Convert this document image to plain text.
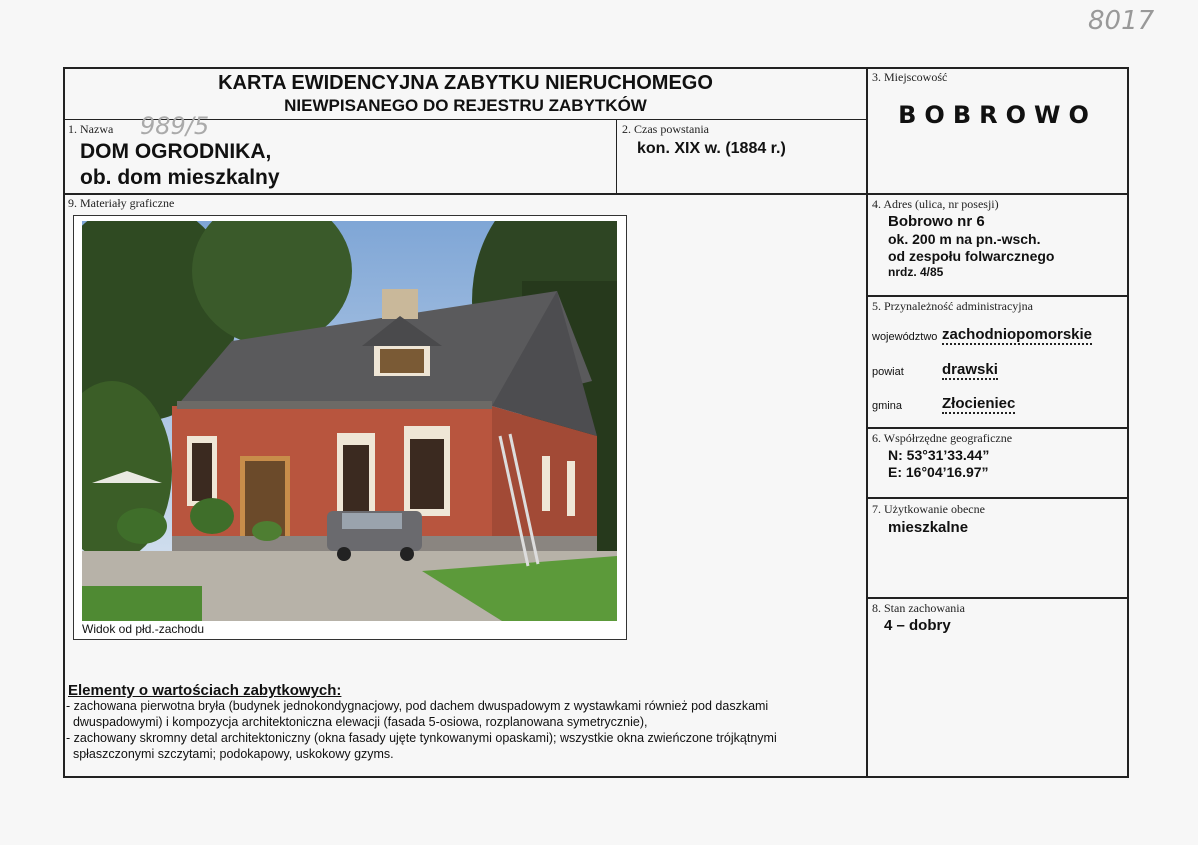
8017
KARTA EWIDENCYJNA ZABYTKU NIERUCHOMEGO
NIEWPISANEGO DO REJESTRU ZABYTKÓW
1. Nazwa 989/5
DOM OGRODNIKA,
ob. dom mieszkalny
2. Czas powstania
kon. XIX w. (1884 r.)
3. Miejscowość
BOBROWO
4. Adres (ulica, nr posesji)
Bobrowo nr 6
ok. 200 m na pn.-wsch.
od zespołu folwarcznego
nrdz. 4/85
5. Przynależność administracyjna
województwo zachodniopomorskie
powiat	drawski
gmina	Złocieniec
6. Współrzędne geograficzne
N: 53°31’33.44”
E: 16°04’16.97”
7. Użytkowanie obecne
mieszkalne
8. Stan zachowania
4 – dobry
9. Materiały graficzne
Widok od płd.-zachodu
Elementy o wartościach zabytkowych:
- zachowana pierwotna bryła (budynek jednokondygnacjowy, pod dachem dwuspadowym z wystawkami również pod daszkami
dwuspadowymi) i kompozycja architektoniczna elewacji (fasada 5-osiowa, rozplanowana symetrycznie),
- zachowany skromny detal architektoniczny (okna fasady ujęte tynkowanymi opaskami); wszystkie okna zwieńczone trójkątnymi
spłaszczonymi szczytami; podokapowy, uskokowy gzyms.
